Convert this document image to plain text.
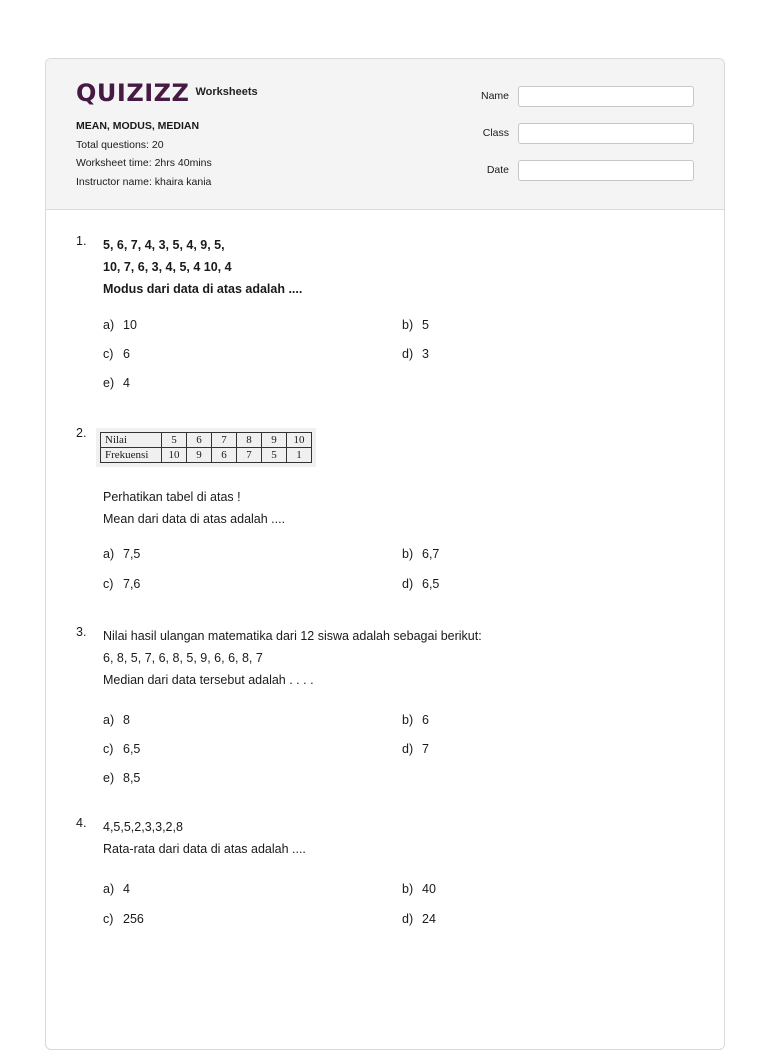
QUIZIZZ Worksheets
MEAN, MODUS, MEDIAN
Total questions: 20
Worksheet time: 2hrs 40mins
Instructor name: khaira kania
Name
Class
Date
1. 5, 6, 7, 4, 3, 5, 4, 9, 5,
10, 7, 6, 3, 4, 5, 4 10, 4
Modus dari data di atas adalah ....
a) 10	b) 5
c) 6	d) 3
e) 4
2. Nilai	5	6	7	8	9	10
Frekuensi	10	9	6	7	5	1
Perhatikan tabel di atas !
Mean dari data di atas adalah ....
a) 7,5	b) 6,7
c) 7,6	d) 6,5
3. Nilai hasil ulangan matematika dari 12 siswa adalah sebagai berikut:
6, 8, 5, 7, 6, 8, 5, 9, 6, 6, 8, 7
Median dari data tersebut adalah . . . .
a) 8	b) 6
c) 6,5	d) 7
e) 8,5
4. 4,5,5,2,3,3,2,8
Rata-rata dari data di atas adalah ....
a) 4	b) 40
c) 256	d) 24
